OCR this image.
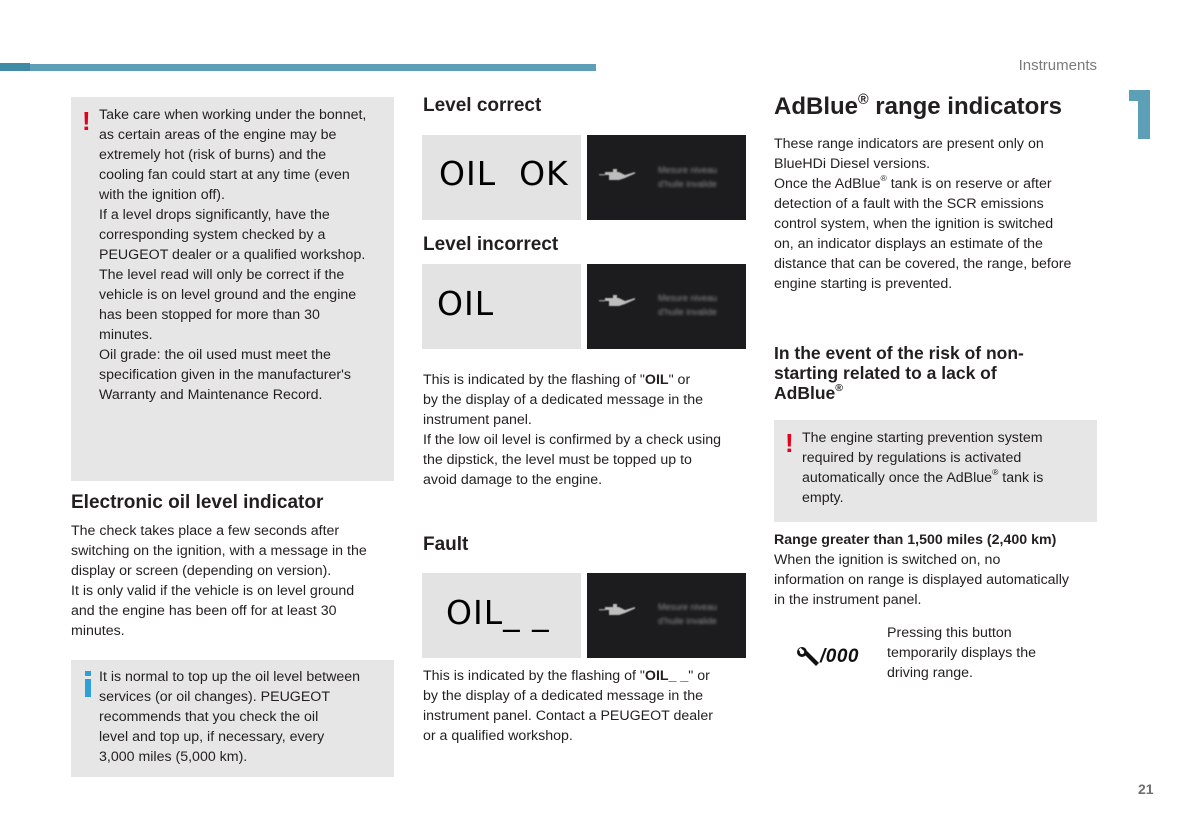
Instruments
! Take care when working under the bonnet,

as certain areas of the engine may be

extremely hot (risk of burns) and the

cooling fan could start at any time (even

with the ignition off).

If a level drops significantly, have the

corresponding system checked by a

PEUGEOT dealer or a qualified workshop.

The level read will only be correct if the

vehicle is on level ground and the engine

has been stopped for more than 30

minutes.

Oil grade: the oil used must meet the

specification given in the manufacturer's

Warranty and Maintenance Record.

Electronic oil level indicator

The check takes place a few seconds after

switching on the ignition, with a message in the

display or screen (depending on version).

It is only valid if the vehicle is on level ground

and the engine has been off for at least 30

minutes.

It is normal to top up the oil level between

services (or oil changes). PEUGEOT

recommends that you check the oil

level and top up, if necessary, every

3,000 miles (5,000 km).

Level correct
OIL  OK	Mesure niveau
d'huile invalide
Level incorrect
OIL	Mesure niveau
d'huile invalide

This is indicated by the flashing of "OIL" or

by the display of a dedicated message in the

instrument panel.

If the low oil level is confirmed by a check using

the dipstick, the level must be topped up to

avoid damage to the engine.

Fault
OIL_ _	Mesure niveau
d'huile invalide

This is indicated by the flashing of "OIL_ _" or

by the display of a dedicated message in the

instrument panel. Contact a PEUGEOT dealer

or a qualified workshop.

AdBlue® range indicators

These range indicators are present only on

BlueHDi Diesel versions.

Once the AdBlue® tank is on reserve or after

detection of a fault with the SCR emissions

control system, when the ignition is switched

on, an indicator displays an estimate of the

distance that can be covered, the range, before

engine starting is prevented.

In the event of the risk of non-
starting related to a lack of
AdBlue®
! The engine starting prevention system

required by regulations is activated

automatically once the AdBlue® tank is

empty.

Range greater than 1,500 miles (2,400 km)

When the ignition is switched on, no

information on range is displayed automatically

in the instrument panel.

/000

Pressing this button

temporarily displays the

driving range.

21
